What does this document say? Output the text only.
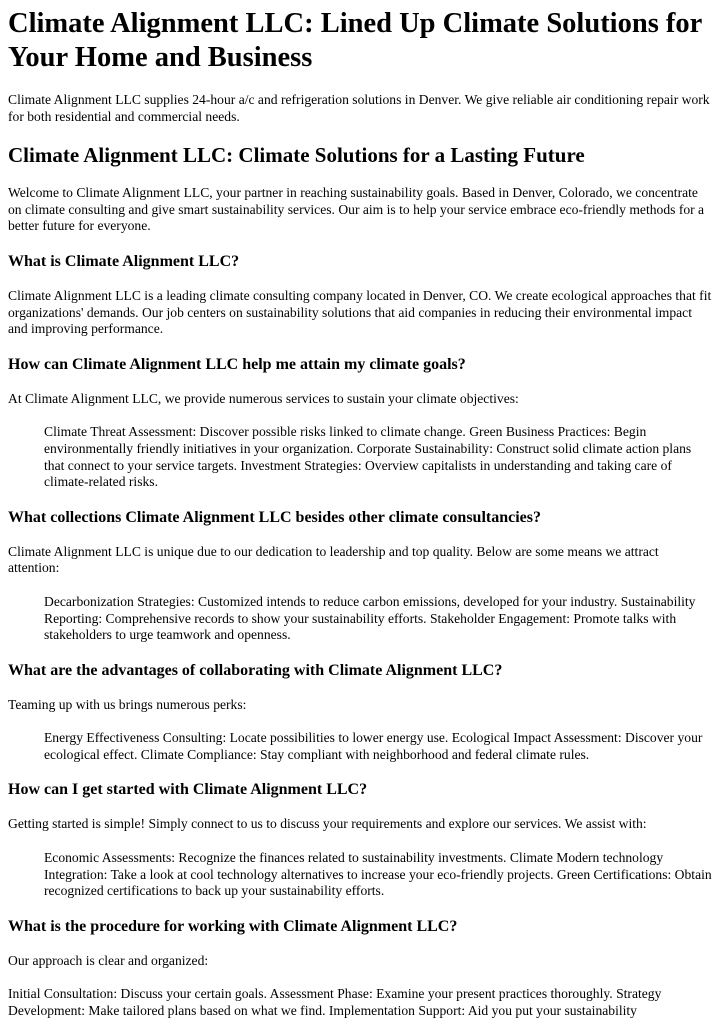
Climate Alignment LLC: Lined Up Climate Solutions for Your Home and Business

Climate Alignment LLC supplies 24-hour a/c and refrigeration solutions in Denver. We give reliable air conditioning repair work for both residential and commercial needs.

Climate Alignment LLC: Climate Solutions for a Lasting Future

Welcome to Climate Alignment LLC, your partner in reaching sustainability goals. Based in Denver, Colorado, we concentrate on climate consulting and give smart sustainability services. Our aim is to help your service embrace eco-friendly methods for a better future for everyone.

What is Climate Alignment LLC?

Climate Alignment LLC is a leading climate consulting company located in Denver, CO. We create ecological approaches that fit organizations' demands. Our job centers on sustainability solutions that aid companies in reducing their environmental impact and improving performance.

How can Climate Alignment LLC help me attain my climate goals?

At Climate Alignment LLC, we provide numerous services to sustain your climate objectives:

Climate Threat Assessment: Discover possible risks linked to climate change. Green Business Practices: Begin environmentally friendly initiatives in your organization. Corporate Sustainability: Construct solid climate action plans that connect to your service targets. Investment Strategies: Overview capitalists in understanding and taking care of climate-related risks.
What collections Climate Alignment LLC besides other climate consultancies?

Climate Alignment LLC is unique due to our dedication to leadership and top quality. Below are some means we attract attention:

Decarbonization Strategies: Customized intends to reduce carbon emissions, developed for your industry. Sustainability Reporting: Comprehensive records to show your sustainability efforts. Stakeholder Engagement: Promote talks with stakeholders to urge teamwork and openness.
What are the advantages of collaborating with Climate Alignment LLC?

Teaming up with us brings numerous perks:

Energy Effectiveness Consulting: Locate possibilities to lower energy use. Ecological Impact Assessment: Discover your ecological effect. Climate Compliance: Stay compliant with neighborhood and federal climate rules.
How can I get started with Climate Alignment LLC?

Getting started is simple! Simply connect to us to discuss your requirements and explore our services. We assist with:

Economic Assessments: Recognize the finances related to sustainability investments. Climate Modern technology Integration: Take a look at cool technology alternatives to increase your eco-friendly projects. Green Certifications: Obtain recognized certifications to back up your sustainability efforts.
What is the procedure for working with Climate Alignment LLC?

Our approach is clear and organized:

Initial Consultation: Discuss your certain goals. Assessment Phase: Examine your present practices thoroughly. Strategy Development: Make tailored plans based on what we find. Implementation Support: Aid you put your sustainability
